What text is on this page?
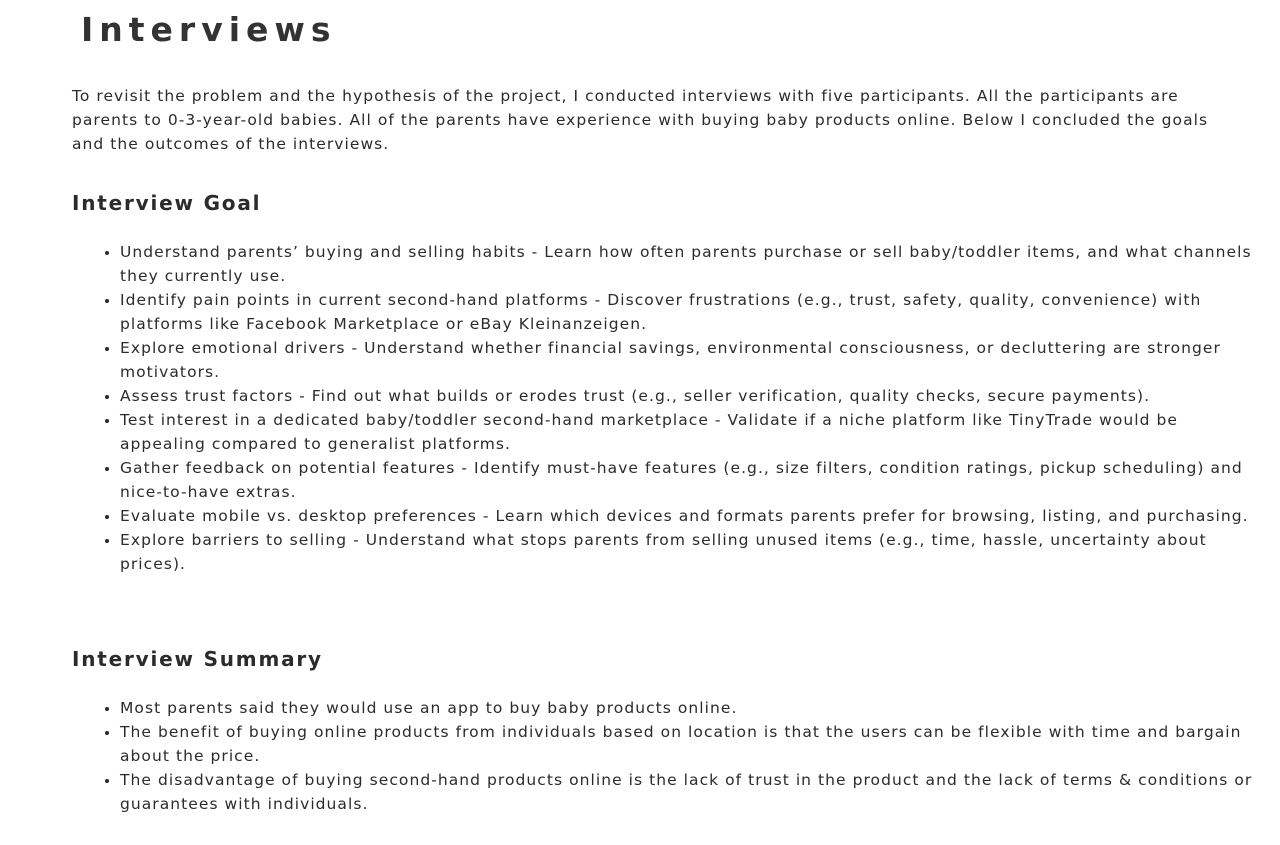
Interviews

To revisit the problem and the hypothesis of the project, I conducted interviews with five participants. All the participants are parents to 0-3-year-old babies. All of the parents have experience with buying baby products online. Below I concluded the goals and the outcomes of the interviews.

Interview Goal
Understand parents’ buying and selling habits - Learn how often parents purchase or sell baby/toddler items, and what channels they currently use.
Identify pain points in current second-hand platforms - Discover frustrations (e.g., trust, safety, quality, convenience) with platforms like Facebook Marketplace or eBay Kleinanzeigen.
Explore emotional drivers - Understand whether financial savings, environmental consciousness, or decluttering are stronger motivators.
Assess trust factors - Find out what builds or erodes trust (e.g., seller verification, quality checks, secure payments).
Test interest in a dedicated baby/toddler second-hand marketplace - Validate if a niche platform like TinyTrade would be appealing compared to generalist platforms.
Gather feedback on potential features - Identify must-have features (e.g., size filters, condition ratings, pickup scheduling) and nice-to-have extras.
Evaluate mobile vs. desktop preferences - Learn which devices and formats parents prefer for browsing, listing, and purchasing.
Explore barriers to selling - Understand what stops parents from selling unused items (e.g., time, hassle, uncertainty about prices).
Interview Summary
Most parents said they would use an app to buy baby products online.
The benefit of buying online products from individuals based on location is that the users can be flexible with time and bargain about the price.
The disadvantage of buying second-hand products online is the lack of trust in the product and the lack of terms & conditions or guarantees with individuals.
